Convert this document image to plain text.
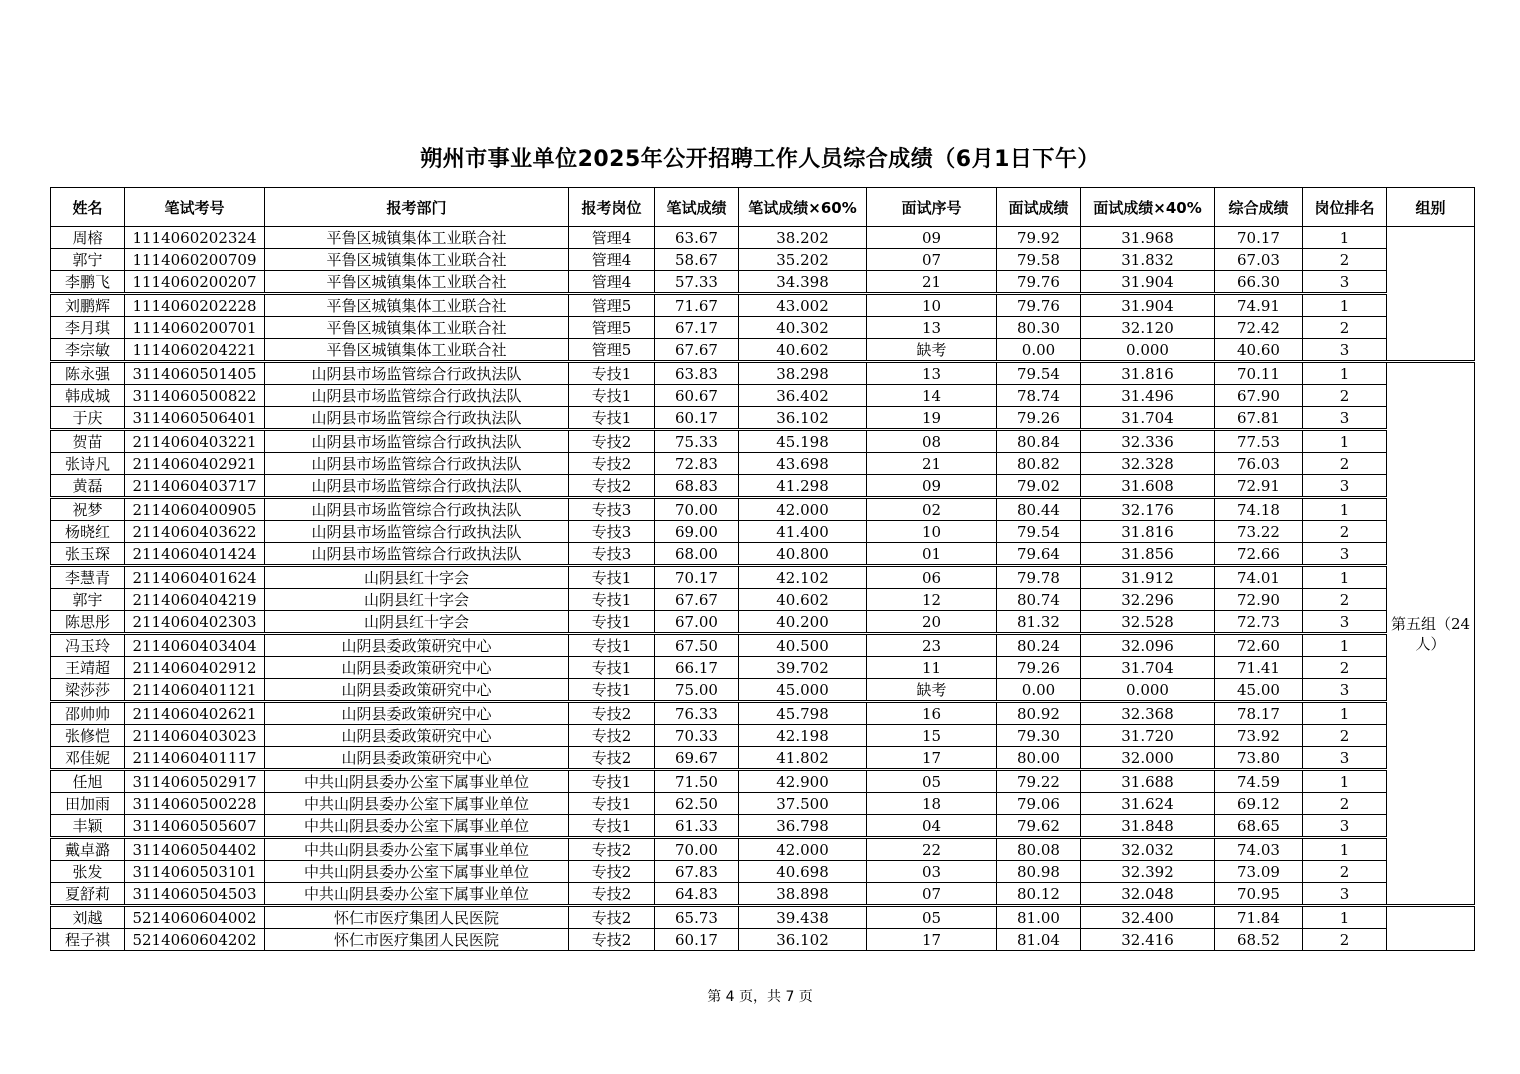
朔州市事业单位2025年公开招聘工作人员综合成绩（6月1日下午）
姓名	笔试考号	报考部门	报考岗位	笔试成绩	笔试成绩×60%	面试序号	面试成绩	面试成绩×40%	综合成绩	岗位排名	组别
周榕	1114060202324	平鲁区城镇集体工业联合社	管理4	63.67	38.202	09	79.92	31.968	70.17	1	
郭宁	1114060200709	平鲁区城镇集体工业联合社	管理4	58.67	35.202	07	79.58	31.832	67.03	2	
李鹏飞	1114060200207	平鲁区城镇集体工业联合社	管理4	57.33	34.398	21	79.76	31.904	66.30	3	
刘鹏辉	1114060202228	平鲁区城镇集体工业联合社	管理5	71.67	43.002	10	79.76	31.904	74.91	1	
李月琪	1114060200701	平鲁区城镇集体工业联合社	管理5	67.17	40.302	13	80.30	32.120	72.42	2	
李宗敏	1114060204221	平鲁区城镇集体工业联合社	管理5	67.67	40.602	缺考	0.00	0.000	40.60	3	
陈永强	3114060501405	山阴县市场监管综合行政执法队	专技1	63.83	38.298	13	79.54	31.816	70.11	1	第五组（24人）
韩成城	3114060500822	山阴县市场监管综合行政执法队	专技1	60.67	36.402	14	78.74	31.496	67.90	2	
于庆	3114060506401	山阴县市场监管综合行政执法队	专技1	60.17	36.102	19	79.26	31.704	67.81	3	
贺苗	2114060403221	山阴县市场监管综合行政执法队	专技2	75.33	45.198	08	80.84	32.336	77.53	1	
张诗凡	2114060402921	山阴县市场监管综合行政执法队	专技2	72.83	43.698	21	80.82	32.328	76.03	2	
黄磊	2114060403717	山阴县市场监管综合行政执法队	专技2	68.83	41.298	09	79.02	31.608	72.91	3	
祝梦	2114060400905	山阴县市场监管综合行政执法队	专技3	70.00	42.000	02	80.44	32.176	74.18	1	
杨晓红	2114060403622	山阴县市场监管综合行政执法队	专技3	69.00	41.400	10	79.54	31.816	73.22	2	
张玉琛	2114060401424	山阴县市场监管综合行政执法队	专技3	68.00	40.800	01	79.64	31.856	72.66	3	
李慧青	2114060401624	山阴县红十字会	专技1	70.17	42.102	06	79.78	31.912	74.01	1	
郭宇	2114060404219	山阴县红十字会	专技1	67.67	40.602	12	80.74	32.296	72.90	2	
陈思彤	2114060402303	山阴县红十字会	专技1	67.00	40.200	20	81.32	32.528	72.73	3	
冯玉玲	2114060403404	山阴县委政策研究中心	专技1	67.50	40.500	23	80.24	32.096	72.60	1	
王靖超	2114060402912	山阴县委政策研究中心	专技1	66.17	39.702	11	79.26	31.704	71.41	2	
梁莎莎	2114060401121	山阴县委政策研究中心	专技1	75.00	45.000	缺考	0.00	0.000	45.00	3	
邵帅帅	2114060402621	山阴县委政策研究中心	专技2	76.33	45.798	16	80.92	32.368	78.17	1	
张修恺	2114060403023	山阴县委政策研究中心	专技2	70.33	42.198	15	79.30	31.720	73.92	2	
邓佳妮	2114060401117	山阴县委政策研究中心	专技2	69.67	41.802	17	80.00	32.000	73.80	3	
任旭	3114060502917	中共山阴县委办公室下属事业单位	专技1	71.50	42.900	05	79.22	31.688	74.59	1	
田加雨	3114060500228	中共山阴县委办公室下属事业单位	专技1	62.50	37.500	18	79.06	31.624	69.12	2	
丰颖	3114060505607	中共山阴县委办公室下属事业单位	专技1	61.33	36.798	04	79.62	31.848	68.65	3	
戴卓潞	3114060504402	中共山阴县委办公室下属事业单位	专技2	70.00	42.000	22	80.08	32.032	74.03	1	
张发	3114060503101	中共山阴县委办公室下属事业单位	专技2	67.83	40.698	03	80.98	32.392	73.09	2	
夏舒莉	3114060504503	中共山阴县委办公室下属事业单位	专技2	64.83	38.898	07	80.12	32.048	70.95	3	
刘越	5214060604002	怀仁市医疗集团人民医院	专技2	65.73	39.438	05	81.00	32.400	71.84	1	
程子祺	5214060604202	怀仁市医疗集团人民医院	专技2	60.17	36.102	17	81.04	32.416	68.52	2	
第 4 页，共 7 页
